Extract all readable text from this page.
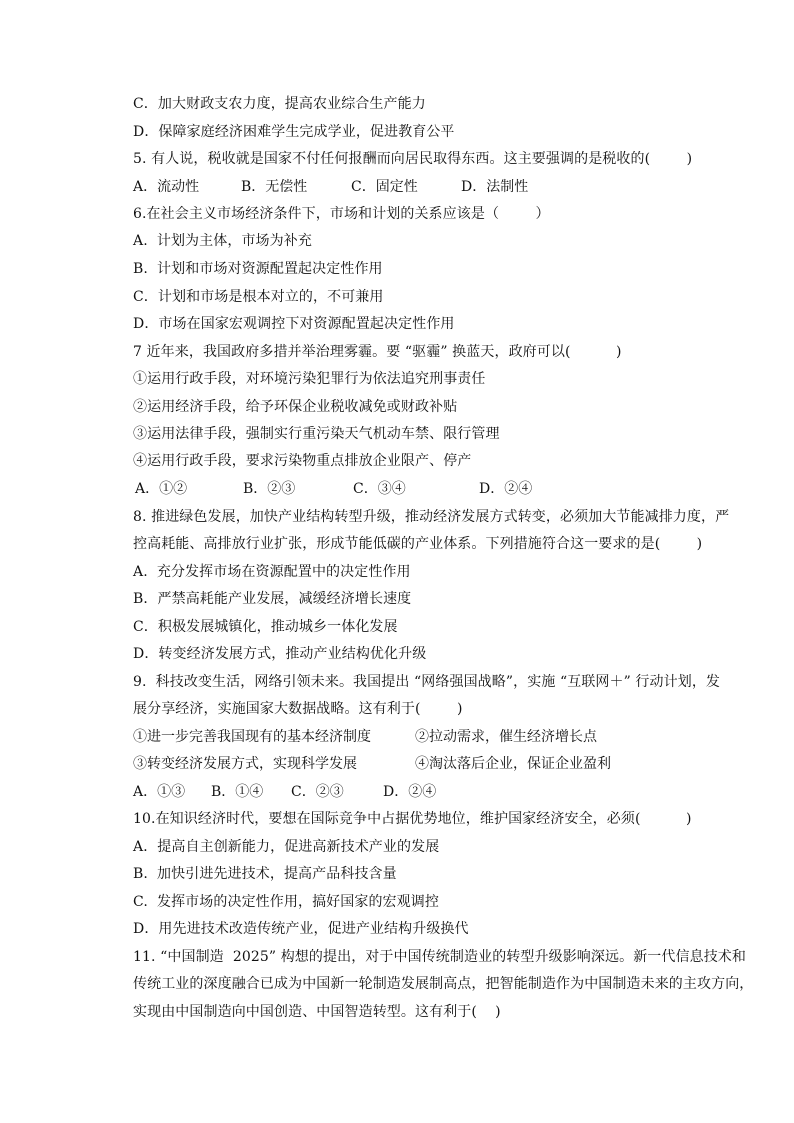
C．加大财政支农力度，提高农业综合生产能力
D．保障家庭经济困难学生完成学业，促进教育公平
5. 有人说，税收就是国家不付任何报酬而向居民取得东西。这主要强调的是税收的(        )
A．流动性	B．无偿性	C．固定性	D．法制性
6.在社会主义市场经济条件下，市场和计划的关系应该是（        ）
A.  计划为主体，市场为补充
B.  计划和市场对资源配置起决定性作用
C．计划和市场是根本对立的，不可兼用
D．市场在国家宏观调控下对资源配置起决定性作用
7 近年来，我国政府多措并举治理雾霾。要 “驱霾” 换蓝天，政府可以(          )
①运用行政手段，对环境污染犯罪行为依法追究刑事责任
②运用经济手段，给予环保企业税收减免或财政补贴
③运用法律手段，强制实行重污染天气机动车禁、限行管理
④运用行政手段，要求污染物重点排放企业限产、停产
A．①②	B．②③	C．③④	D．②④
8. 推进绿色发展，加快产业结构转型升级，推动经济发展方式转变，必须加大节能减排力度，严
控高耗能、高排放行业扩张，形成节能低碳的产业体系。下列措施符合这一要求的是(        )
A.  充分发挥市场在资源配置中的决定性作用
B．严禁高耗能产业发展，减缓经济增长速度
C．积极发展城镇化，推动城乡一体化发展
D．转变经济发展方式，推动产业结构优化升级
9.  科技改变生活，网络引领未来。我国提出 “网络强国战略”，实施 “互联网＋” 行动计划，发
展分享经济，实施国家大数据战略。这有利于(        )
①进一步完善我国现有的基本经济制度	②拉动需求，催生经济增长点
③转变经济发展方式，实现科学发展	④淘汰落后企业，保证企业盈利
A．①③ B．①④ C．②③	D．②④
10.在知识经济时代，要想在国际竞争中占据优势地位，维护国家经济安全，必须(          )
A．提高自主创新能力，促进高新技术产业的发展
B.  加快引进先进技术，提高产品科技含量
C.  发挥市场的决定性作用，搞好国家的宏观调控
D．用先进技术改造传统产业，促进产业结构升级换代
11. “中国制造  2025” 构想的提出，对于中国传统制造业的转型升级影响深远。新一代信息技术和
传统工业的深度融合已成为中国新一轮制造发展制高点，把智能制造作为中国制造未来的主攻方向，
实现由中国制造向中国创造、中国智造转型。这有利于(    )
